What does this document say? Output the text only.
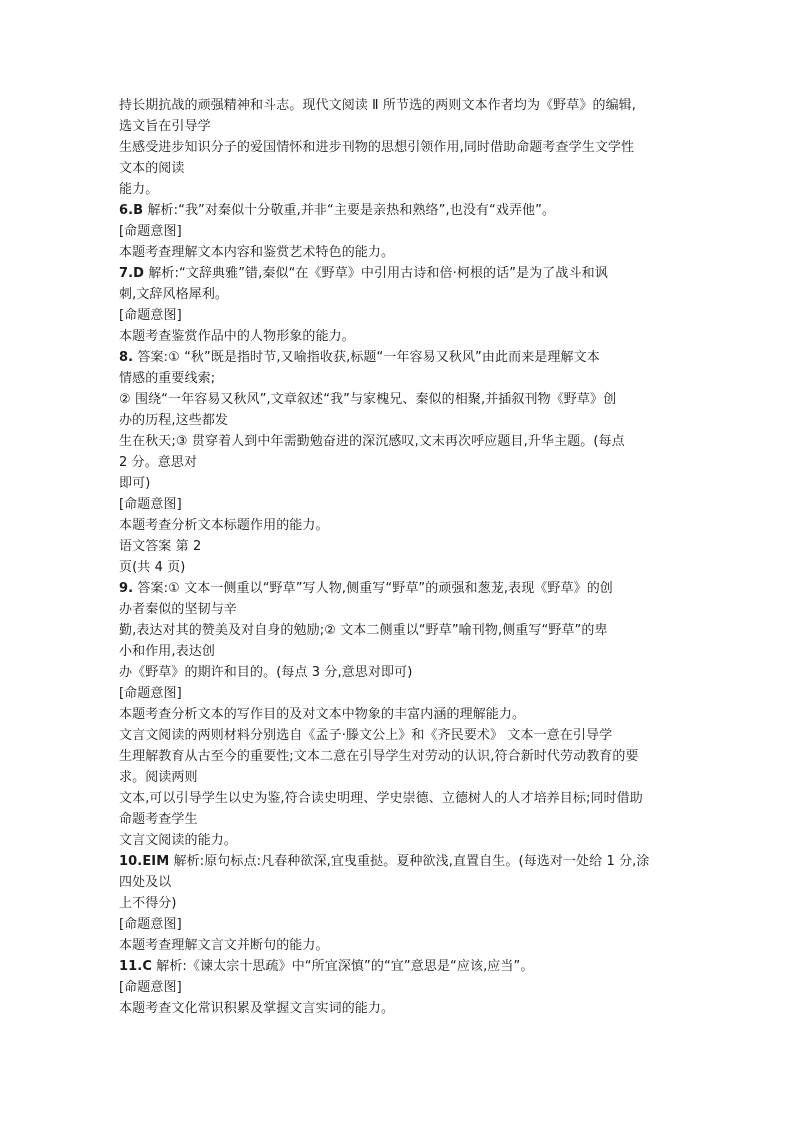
持长期抗战的顽强精神和斗志。现代文阅读 Ⅱ 所节选的两则文本作者均为《野草》的编辑,
选文旨在引导学
生感受进步知识分子的爱国情怀和进步刊物的思想引领作用,同时借助命题考查学生文学性
文本的阅读
能力。
6.B 解析:“我”对秦似十分敬重,并非“主要是亲热和熟络”,也没有“戏弄他”。
[命题意图]
本题考查理解文本内容和鉴赏艺术特色的能力。
7.D 解析:“文辞典雅”错,秦似“在《野草》中引用古诗和倍·柯根的话”是为了战斗和讽
刺,文辞风格犀利。
[命题意图]
本题考查鉴赏作品中的人物形象的能力。
8. 答案:① “秋”既是指时节,又喻指收获,标题“一年容易又秋风”由此而来是理解文本
情感的重要线索;
② 围绕“一年容易又秋风”,文章叙述“我”与家槐兄、秦似的相聚,并插叙刊物《野草》创
办的历程,这些都发
生在秋天;③ 贯穿着人到中年需勤勉奋进的深沉感叹,文末再次呼应题目,升华主题。(每点
2 分。意思对
即可)
[命题意图]
本题考查分析文本标题作用的能力。
语文答案 第 2
页(共 4 页)
9. 答案:① 文本一侧重以“野草”写人物,侧重写“野草”的顽强和葱茏,表现《野草》的创
办者秦似的坚韧与辛
勤,表达对其的赞美及对自身的勉励;② 文本二侧重以“野草”喻刊物,侧重写“野草”的卑
小和作用,表达创
办《野草》的期许和目的。(每点 3 分,意思对即可)
[命题意图]
本题考查分析文本的写作目的及对文本中物象的丰富内涵的理解能力。
文言文阅读的两则材料分别选自《孟子·滕文公上》和《齐民要术》 文本一意在引导学
生理解教育从古至今的重要性;文本二意在引导学生对劳动的认识,符合新时代劳动教育的要
求。阅读两则
文本,可以引导学生以史为鉴,符合读史明理、学史崇德、立德树人的人才培养目标;同时借助
命题考查学生
文言文阅读的能力。
10.EIM 解析:原句标点:凡春种欲深,宜曳重挞。夏种欲浅,直置自生。(每选对一处给 1 分,涂
四处及以
上不得分)
[命题意图]
本题考查理解文言文并断句的能力。
11.C 解析:《谏太宗十思疏》中“所宜深慎”的“宜”意思是“应该,应当”。
[命题意图]
本题考查文化常识积累及掌握文言实词的能力。
